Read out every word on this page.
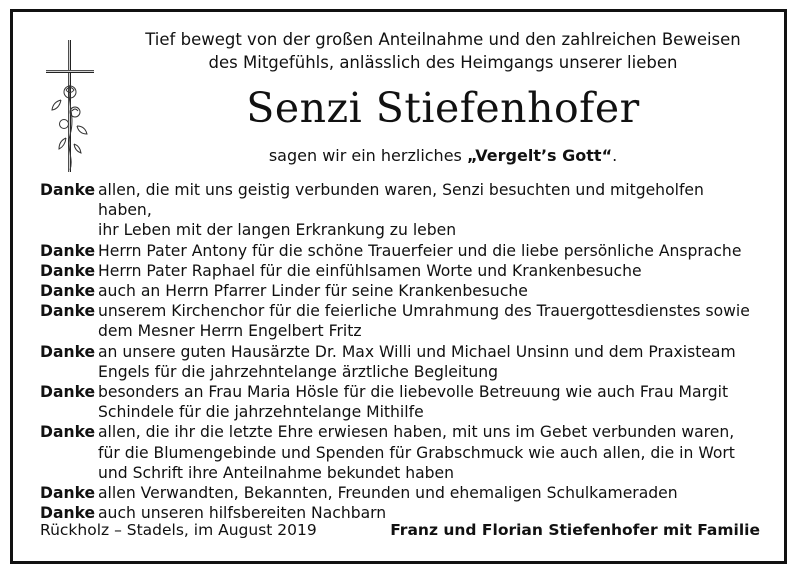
Tief bewegt von der großen Anteilnahme und den zahlreichen Beweisen
des Mitgefühls, anlässlich des Heimgangs unserer lieben
Senzi Stiefenhofer
sagen wir ein herzliches „Vergelt’s Gott“.
Danke allen, die mit uns geistig verbunden waren, Senzi besuchten und mitgeholfen haben,
ihr Leben mit der langen Erkrankung zu leben
Danke Herrn Pater Antony für die schöne Trauerfeier und die liebe persönliche Ansprache
Danke Herrn Pater Raphael für die einfühlsamen Worte und Krankenbesuche
Danke auch an Herrn Pfarrer Linder für seine Krankenbesuche
Danke unserem Kirchenchor für die feierliche Umrahmung des Trauergottesdienstes sowie
dem Mesner Herrn Engelbert Fritz
Danke an unsere guten Hausärzte Dr. Max Willi und Michael Unsinn und dem Praxisteam
Engels für die jahrzehntelange ärztliche Begleitung
Danke besonders an Frau Maria Hösle für die liebevolle Betreuung wie auch Frau Margit
Schindele für die jahrzehntelange Mithilfe
Danke allen, die ihr die letzte Ehre erwiesen haben, mit uns im Gebet verbunden waren,
für die Blumengebinde und Spenden für Grabschmuck wie auch allen, die in Wort
und Schrift ihre Anteilnahme bekundet haben
Danke allen Verwandten, Bekannten, Freunden und ehemaligen Schulkameraden
Danke auch unseren hilfsbereiten Nachbarn
Rückholz – Stadels, im August 2019	Franz und Florian Stiefenhofer mit Familie
